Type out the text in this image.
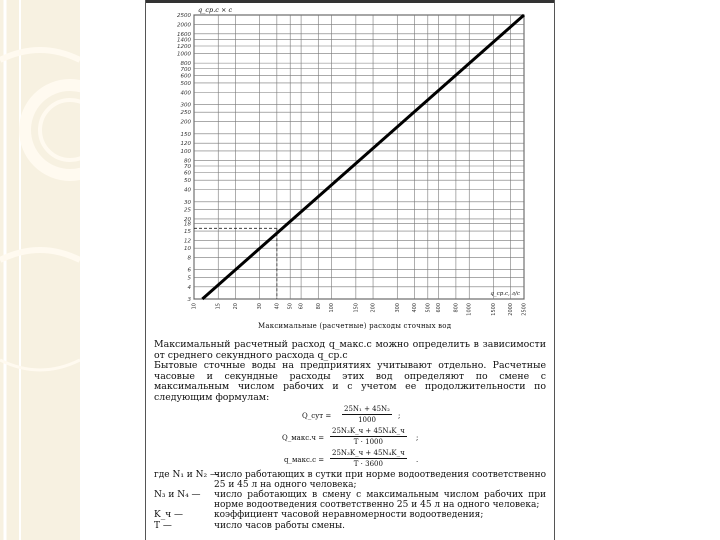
10	15 20	30 40 50 60 80 100	150 200	300 400 500 600 800 1000	1500 2000 2500
2500
2000
1600
1400
1200
1000
800
700
600
500
400
300
250
200
150
120
100
80
70
60
50
40
30
25
20
18
15
12
10
8
6
5
4
3
q_ср.с × c
q_ср.с, л/с
Максимальные (расчетные) расходы сточных вод

Максимальный расчетный расход q_макс.с можно определить в зависимости от среднего секундного расхода q_ср.с

Бытовые сточные воды на предприятиях учитывают отдельно. Расчетные часовые и секундные расходы этих вод определяют по смене с максимальным числом рабочих и с учетом ее продолжительности по следующим формулам:

Q_сут = $\frac{\text{25N₁ + 45N₂}}{1000}$ ;
Q_макс.ч =
25N₃K_ч + 45N₄K_ч
T · 1000
;
q_макс.с =
25N₃K_ч + 45N₄K_ч
T · 3600
.
где N₁ и N₂ —
число работающих в сутки при норме водоотведения соответственно 25 и 45 л на одного человека;
N₃ и N₄ — число работающих в смену с максимальным числом рабочих при норме водоотведения соответственно 25 и 45 л на одного человека;
K_ч —	коэффициент часовой неравномерности водоотведения;
T —	число часов работы смены.
